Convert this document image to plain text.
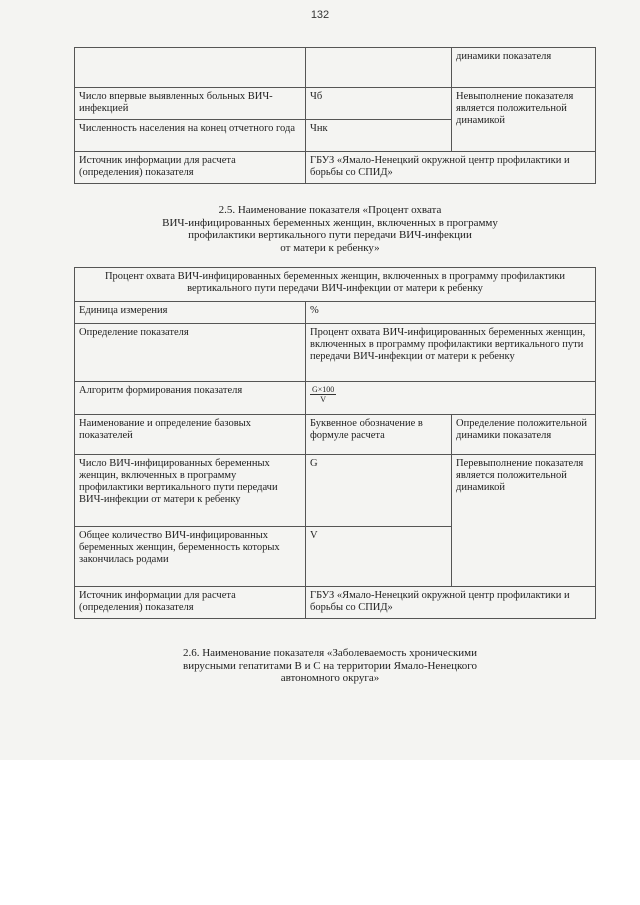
132
		динамики показателя
Число впервые выявленных больных ВИЧ-инфекцией	Чб	Невыполнение показателя является положительной динамикой
Численность населения на конец отчетного года	Чнк	
Источник информации для расчета (определения) показателя	ГБУЗ «Ямало-Ненецкий окружной центр профилактики и борьбы со СПИД»	
2.5. Наименование показателя «Процент охвата
ВИЧ-инфицированных беременных женщин, включенных в программу
профилактики вертикального пути передачи ВИЧ-инфекции
от матери к ребенку»
Процент охвата ВИЧ-инфицированных беременных женщин, включенных в программу профилактики вертикального пути передачи ВИЧ-инфекции от матери к ребенку		
Единица измерения	%	
Определение показателя	Процент охвата ВИЧ-инфицированных беременных женщин, включенных в программу профилактики вертикального пути передачи ВИЧ-инфекции от матери к ребенку	
Алгоритм формирования показателя	$\frac{G\times 100}{V}$

Наименование и определение базовых показателей	Буквенное обозначение в формуле расчета	Определение положительной динамики показателя
Число ВИЧ-инфицированных беременных женщин, включенных в программу профилактики вертикального пути передачи ВИЧ-инфекции от матери к ребенку	G	Перевыполнение показателя является положительной динамикой
Общее количество ВИЧ-инфицированных беременных женщин, беременность которых закончилась родами	V	
Источник информации для расчета (определения) показателя	ГБУЗ «Ямало-Ненецкий окружной центр профилактики и борьбы со СПИД»	
2.6. Наименование показателя «Заболеваемость хроническими
вирусными гепатитами В и С на территории Ямало-Ненецкого
автономного округа»
